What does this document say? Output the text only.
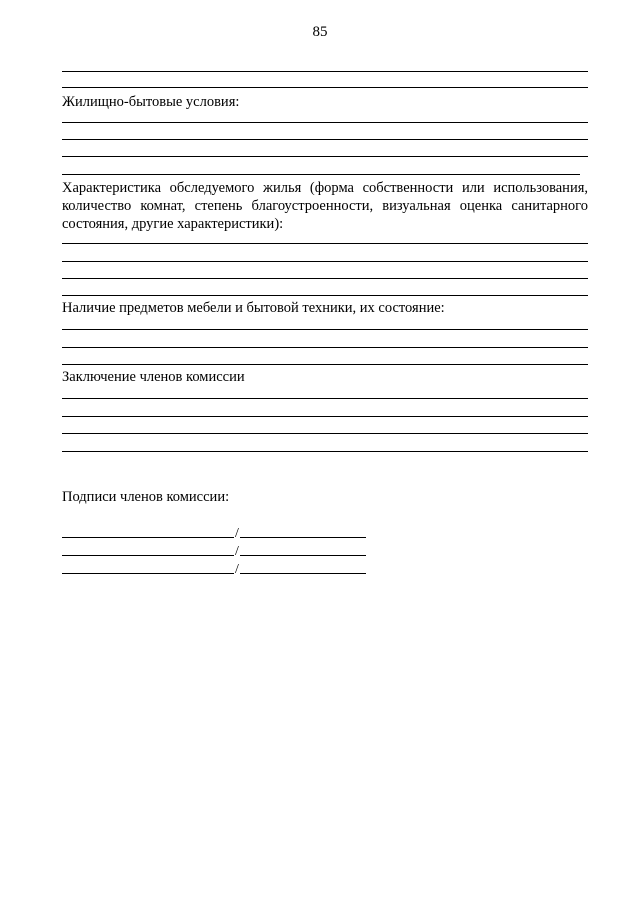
85
Жилищно-бытовые условия:
Характеристика обследуемого жилья (форма собственности или использования,
количество комнат, степень благоустроенности, визуальная оценка санитарного
состояния, другие характеристики):
Наличие предметов мебели и бытовой техники, их состояние:
Заключение членов комиссии
Подписи членов комиссии:
/
/
/
